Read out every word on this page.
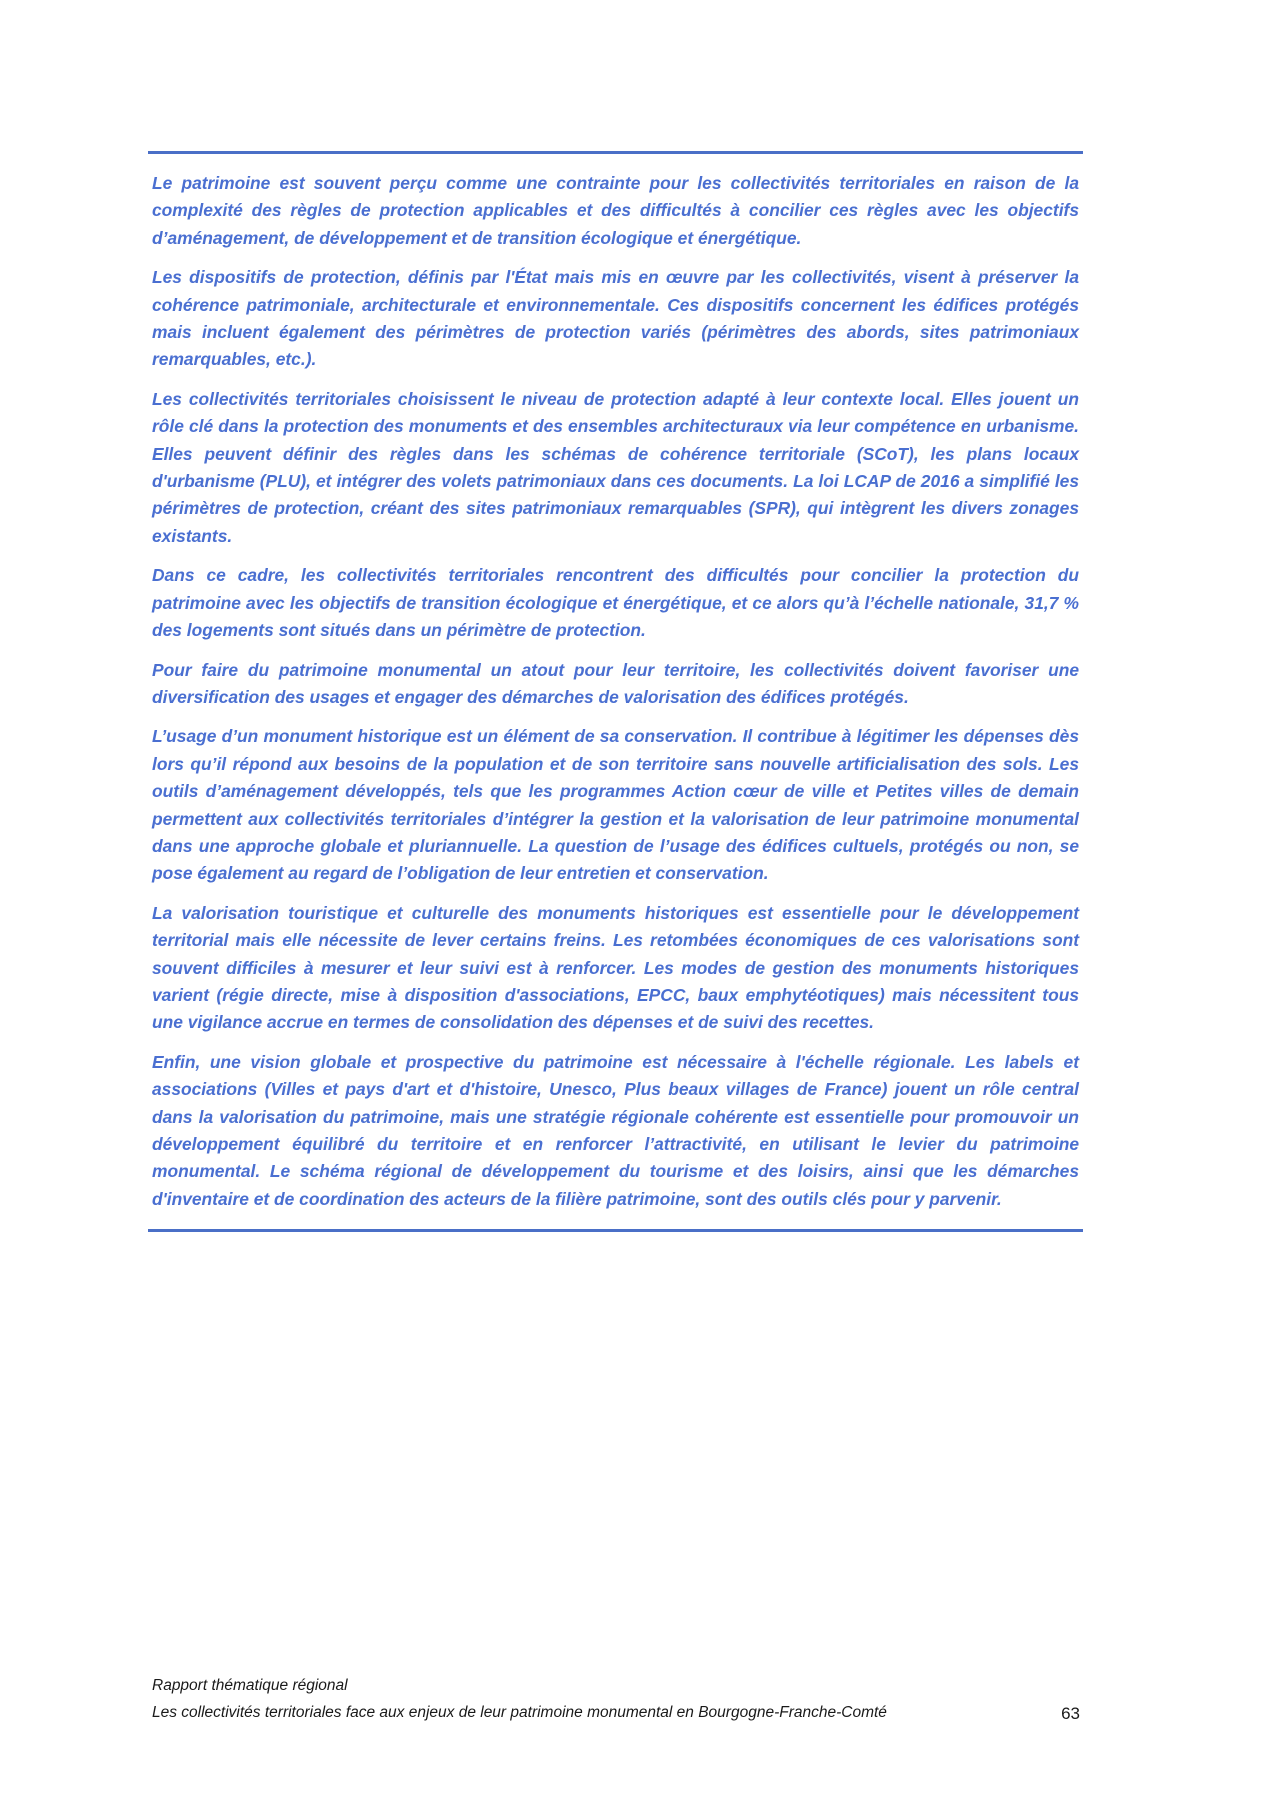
Le patrimoine est souvent perçu comme une contrainte pour les collectivités territoriales en raison de la complexité des règles de protection applicables et des difficultés à concilier ces règles avec les objectifs d’aménagement, de développement et de transition écologique et énergétique.

Les dispositifs de protection, définis par l'État mais mis en œuvre par les collectivités, visent à préserver la cohérence patrimoniale, architecturale et environnementale. Ces dispositifs concernent les édifices protégés mais incluent également des périmètres de protection variés (périmètres des abords, sites patrimoniaux remarquables, etc.).

Les collectivités territoriales choisissent le niveau de protection adapté à leur contexte local. Elles jouent un rôle clé dans la protection des monuments et des ensembles architecturaux via leur compétence en urbanisme. Elles peuvent définir des règles dans les schémas de cohérence territoriale (SCoT), les plans locaux d'urbanisme (PLU), et intégrer des volets patrimoniaux dans ces documents. La loi LCAP de 2016 a simplifié les périmètres de protection, créant des sites patrimoniaux remarquables (SPR), qui intègrent les divers zonages existants.

Dans ce cadre, les collectivités territoriales rencontrent des difficultés pour concilier la protection du patrimoine avec les objectifs de transition écologique et énergétique, et ce alors qu’à l’échelle nationale, 31,7 % des logements sont situés dans un périmètre de protection.

Pour faire du patrimoine monumental un atout pour leur territoire, les collectivités doivent favoriser une diversification des usages et engager des démarches de valorisation des édifices protégés.

L’usage d’un monument historique est un élément de sa conservation. Il contribue à légitimer les dépenses dès lors qu’il répond aux besoins de la population et de son territoire sans nouvelle artificialisation des sols. Les outils d’aménagement développés, tels que les programmes Action cœur de ville et Petites villes de demain permettent aux collectivités territoriales d’intégrer la gestion et la valorisation de leur patrimoine monumental dans une approche globale et pluriannuelle. La question de l’usage des édifices cultuels, protégés ou non, se pose également au regard de l’obligation de leur entretien et conservation.

La valorisation touristique et culturelle des monuments historiques est essentielle pour le développement territorial mais elle nécessite de lever certains freins. Les retombées économiques de ces valorisations sont souvent difficiles à mesurer et leur suivi est à renforcer. Les modes de gestion des monuments historiques varient (régie directe, mise à disposition d'associations, EPCC, baux emphytéotiques) mais nécessitent tous une vigilance accrue en termes de consolidation des dépenses et de suivi des recettes.

Enfin, une vision globale et prospective du patrimoine est nécessaire à l'échelle régionale. Les labels et associations (Villes et pays d'art et d'histoire, Unesco, Plus beaux villages de France) jouent un rôle central dans la valorisation du patrimoine, mais une stratégie régionale cohérente est essentielle pour promouvoir un développement équilibré du territoire et en renforcer l’attractivité, en utilisant le levier du patrimoine monumental. Le schéma régional de développement du tourisme et des loisirs, ainsi que les démarches d'inventaire et de coordination des acteurs de la filière patrimoine, sont des outils clés pour y parvenir.

Rapport thématique régional
Les collectivités territoriales face aux enjeux de leur patrimoine monumental en Bourgogne-Franche-Comté	63
